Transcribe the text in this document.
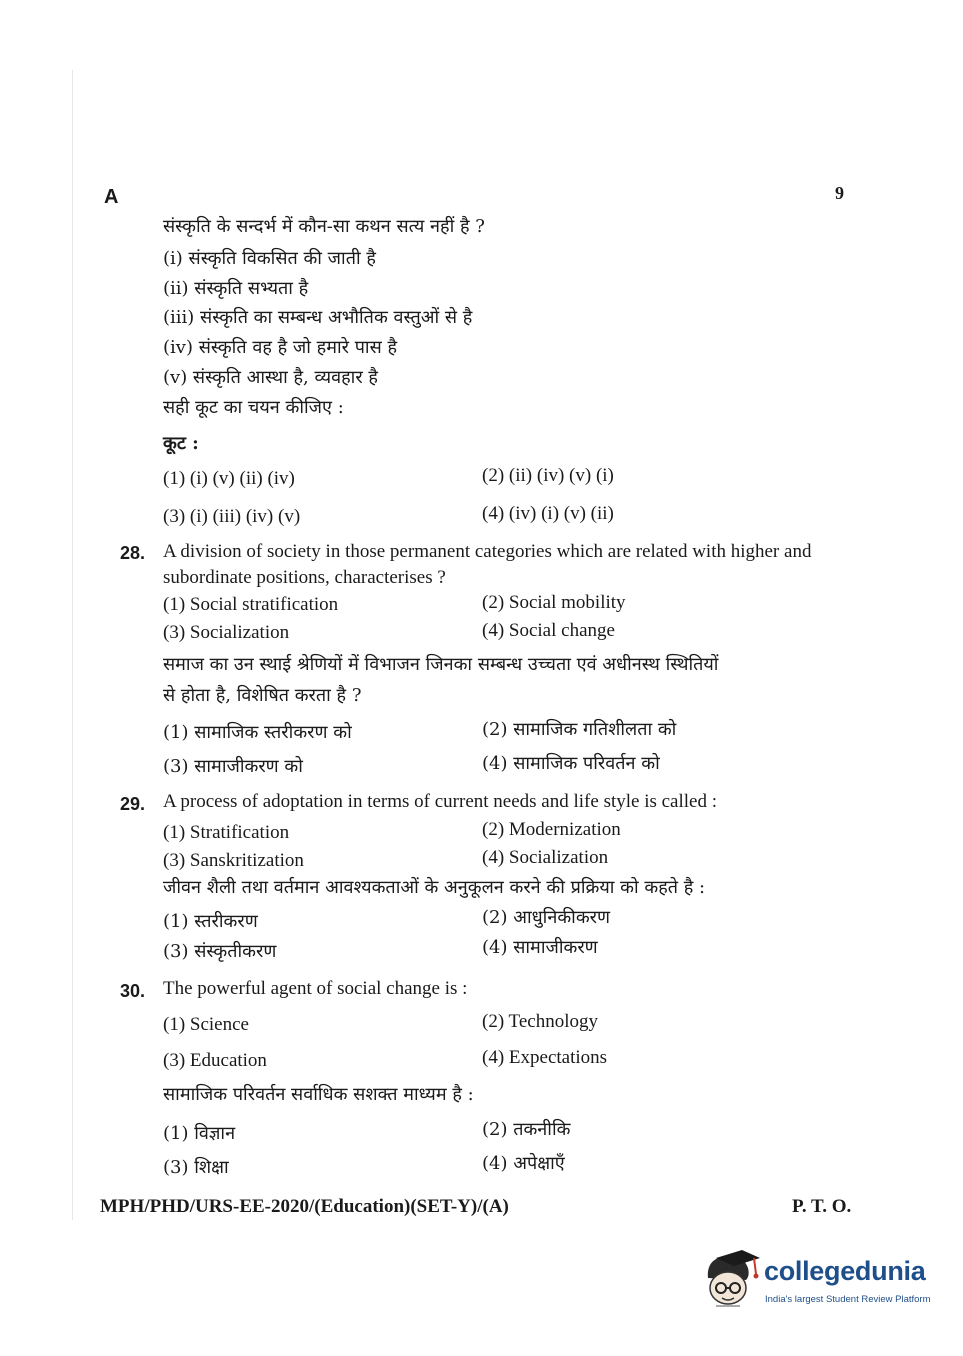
A	9
संस्कृति के सन्दर्भ में कौन-सा कथन सत्य नहीं है ?
(i) संस्कृति विकसित की जाती है
(ii) संस्कृति सभ्यता है
(iii) संस्कृति का सम्बन्ध अभौतिक वस्तुओं से है
(iv) संस्कृति वह है जो हमारे पास है
(v) संस्कृति आस्था है, व्यवहार है
सही कूट का चयन कीजिए :
कूट :
(1) (i) (v) (ii) (iv)	(2) (ii) (iv) (v) (i)
(3) (i) (iii) (iv) (v)	(4) (iv) (i) (v) (ii)
28. A division of society in those permanent categories which are related with higher and
subordinate positions, characterises ?
(1) Social stratification	(2) Social mobility
(3) Socialization	(4) Social change
समाज का उन स्थाई श्रेणियों में विभाजन जिनका सम्बन्ध उच्चता एवं अधीनस्थ स्थितियों
से होता है, विशेषित करता है ?
(1) सामाजिक स्तरीकरण को	(2) सामाजिक गतिशीलता को
(3) सामाजीकरण को	(4) सामाजिक परिवर्तन को
29. A process of adoptation in terms of current needs and life style is called :
(1) Stratification	(2) Modernization
(3) Sanskritization	(4) Socialization
जीवन शैली तथा वर्तमान आवश्यकताओं के अनुकूलन करने की प्रक्रिया को कहते है :
(1) स्तरीकरण	(2) आधुनिकीकरण
(3) संस्कृतीकरण	(4) सामाजीकरण
30. The powerful agent of social change is :
(1) Science	(2) Technology
(3) Education	(4) Expectations
सामाजिक परिवर्तन सर्वाधिक सशक्त माध्यम है :
(1) विज्ञान	(2) तकनीकि
(3) शिक्षा	(4) अपेक्षाएँ
MPH/PHD/URS-EE-2020/(Education)(SET-Y)/(A)	P. T. O.
collegedunia
India's largest Student Review Platform
